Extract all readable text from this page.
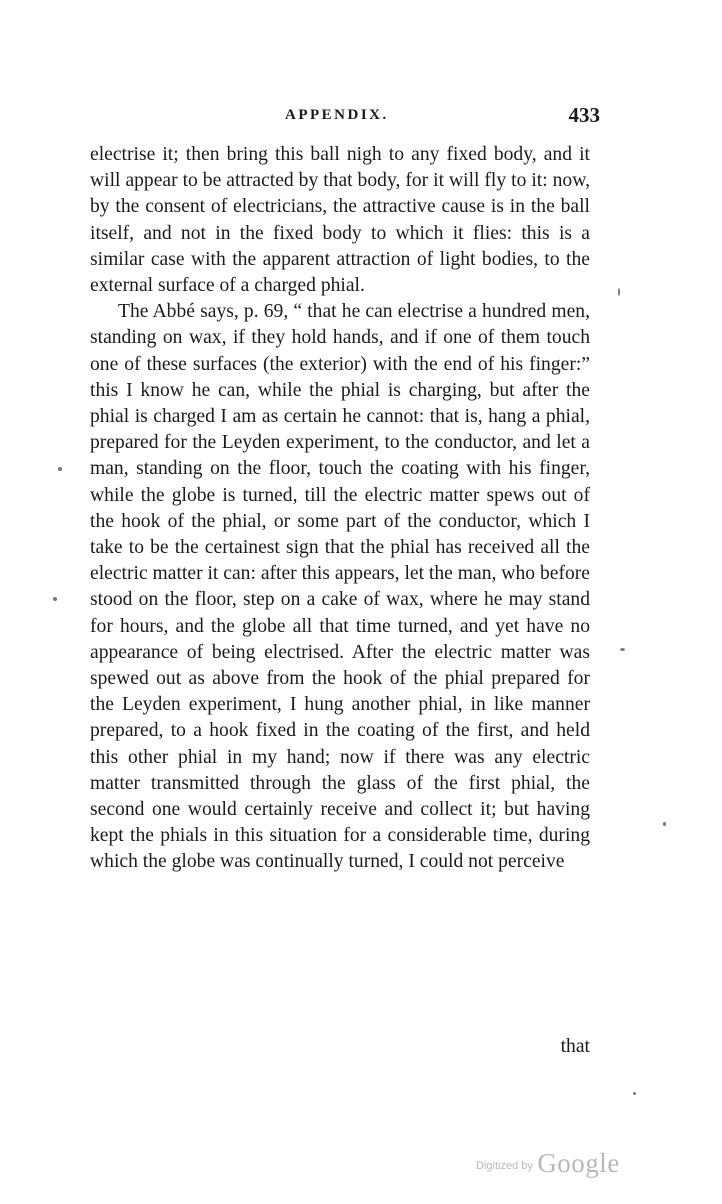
APPENDIX.	433

electrise it; then bring this ball nigh to any fixed body, and it will appear to be attracted by that body, for it will fly to it: now, by the consent of electricians, the attractive cause is in the ball itself, and not in the fixed body to which it flies: this is a similar case with the apparent attraction of light bodies, to the external surface of a charged phial.

The Abbé says, p. 69, “ that he can electrise a hundred men, standing on wax, if they hold hands, and if one of them touch one of these surfaces (the exterior) with the end of his finger:” this I know he can, while the phial is charging, but after the phial is charged I am as certain he cannot: that is, hang a phial, prepared for the Leyden experiment, to the conductor, and let a man, standing on the floor, touch the coating with his finger, while the globe is turned, till the electric matter spews out of the hook of the phial, or some part of the conductor, which I take to be the certainest sign that the phial has received all the electric matter it can: after this appears, let the man, who before stood on the floor, step on a cake of wax, where he may stand for hours, and the globe all that time turned, and yet have no appearance of being electrised. After the electric matter was spewed out as above from the hook of the phial prepared for the Leyden experiment, I hung another phial, in like manner prepared, to a hook fixed in the coating of the first, and held this other phial in my hand; now if there was any electric matter transmitted through the glass of the first phial, the second one would certainly receive and collect it; but having kept the phials in this situation for a considerable time, during which the globe was continually turned, I could not perceive

that
Digitized by Google
